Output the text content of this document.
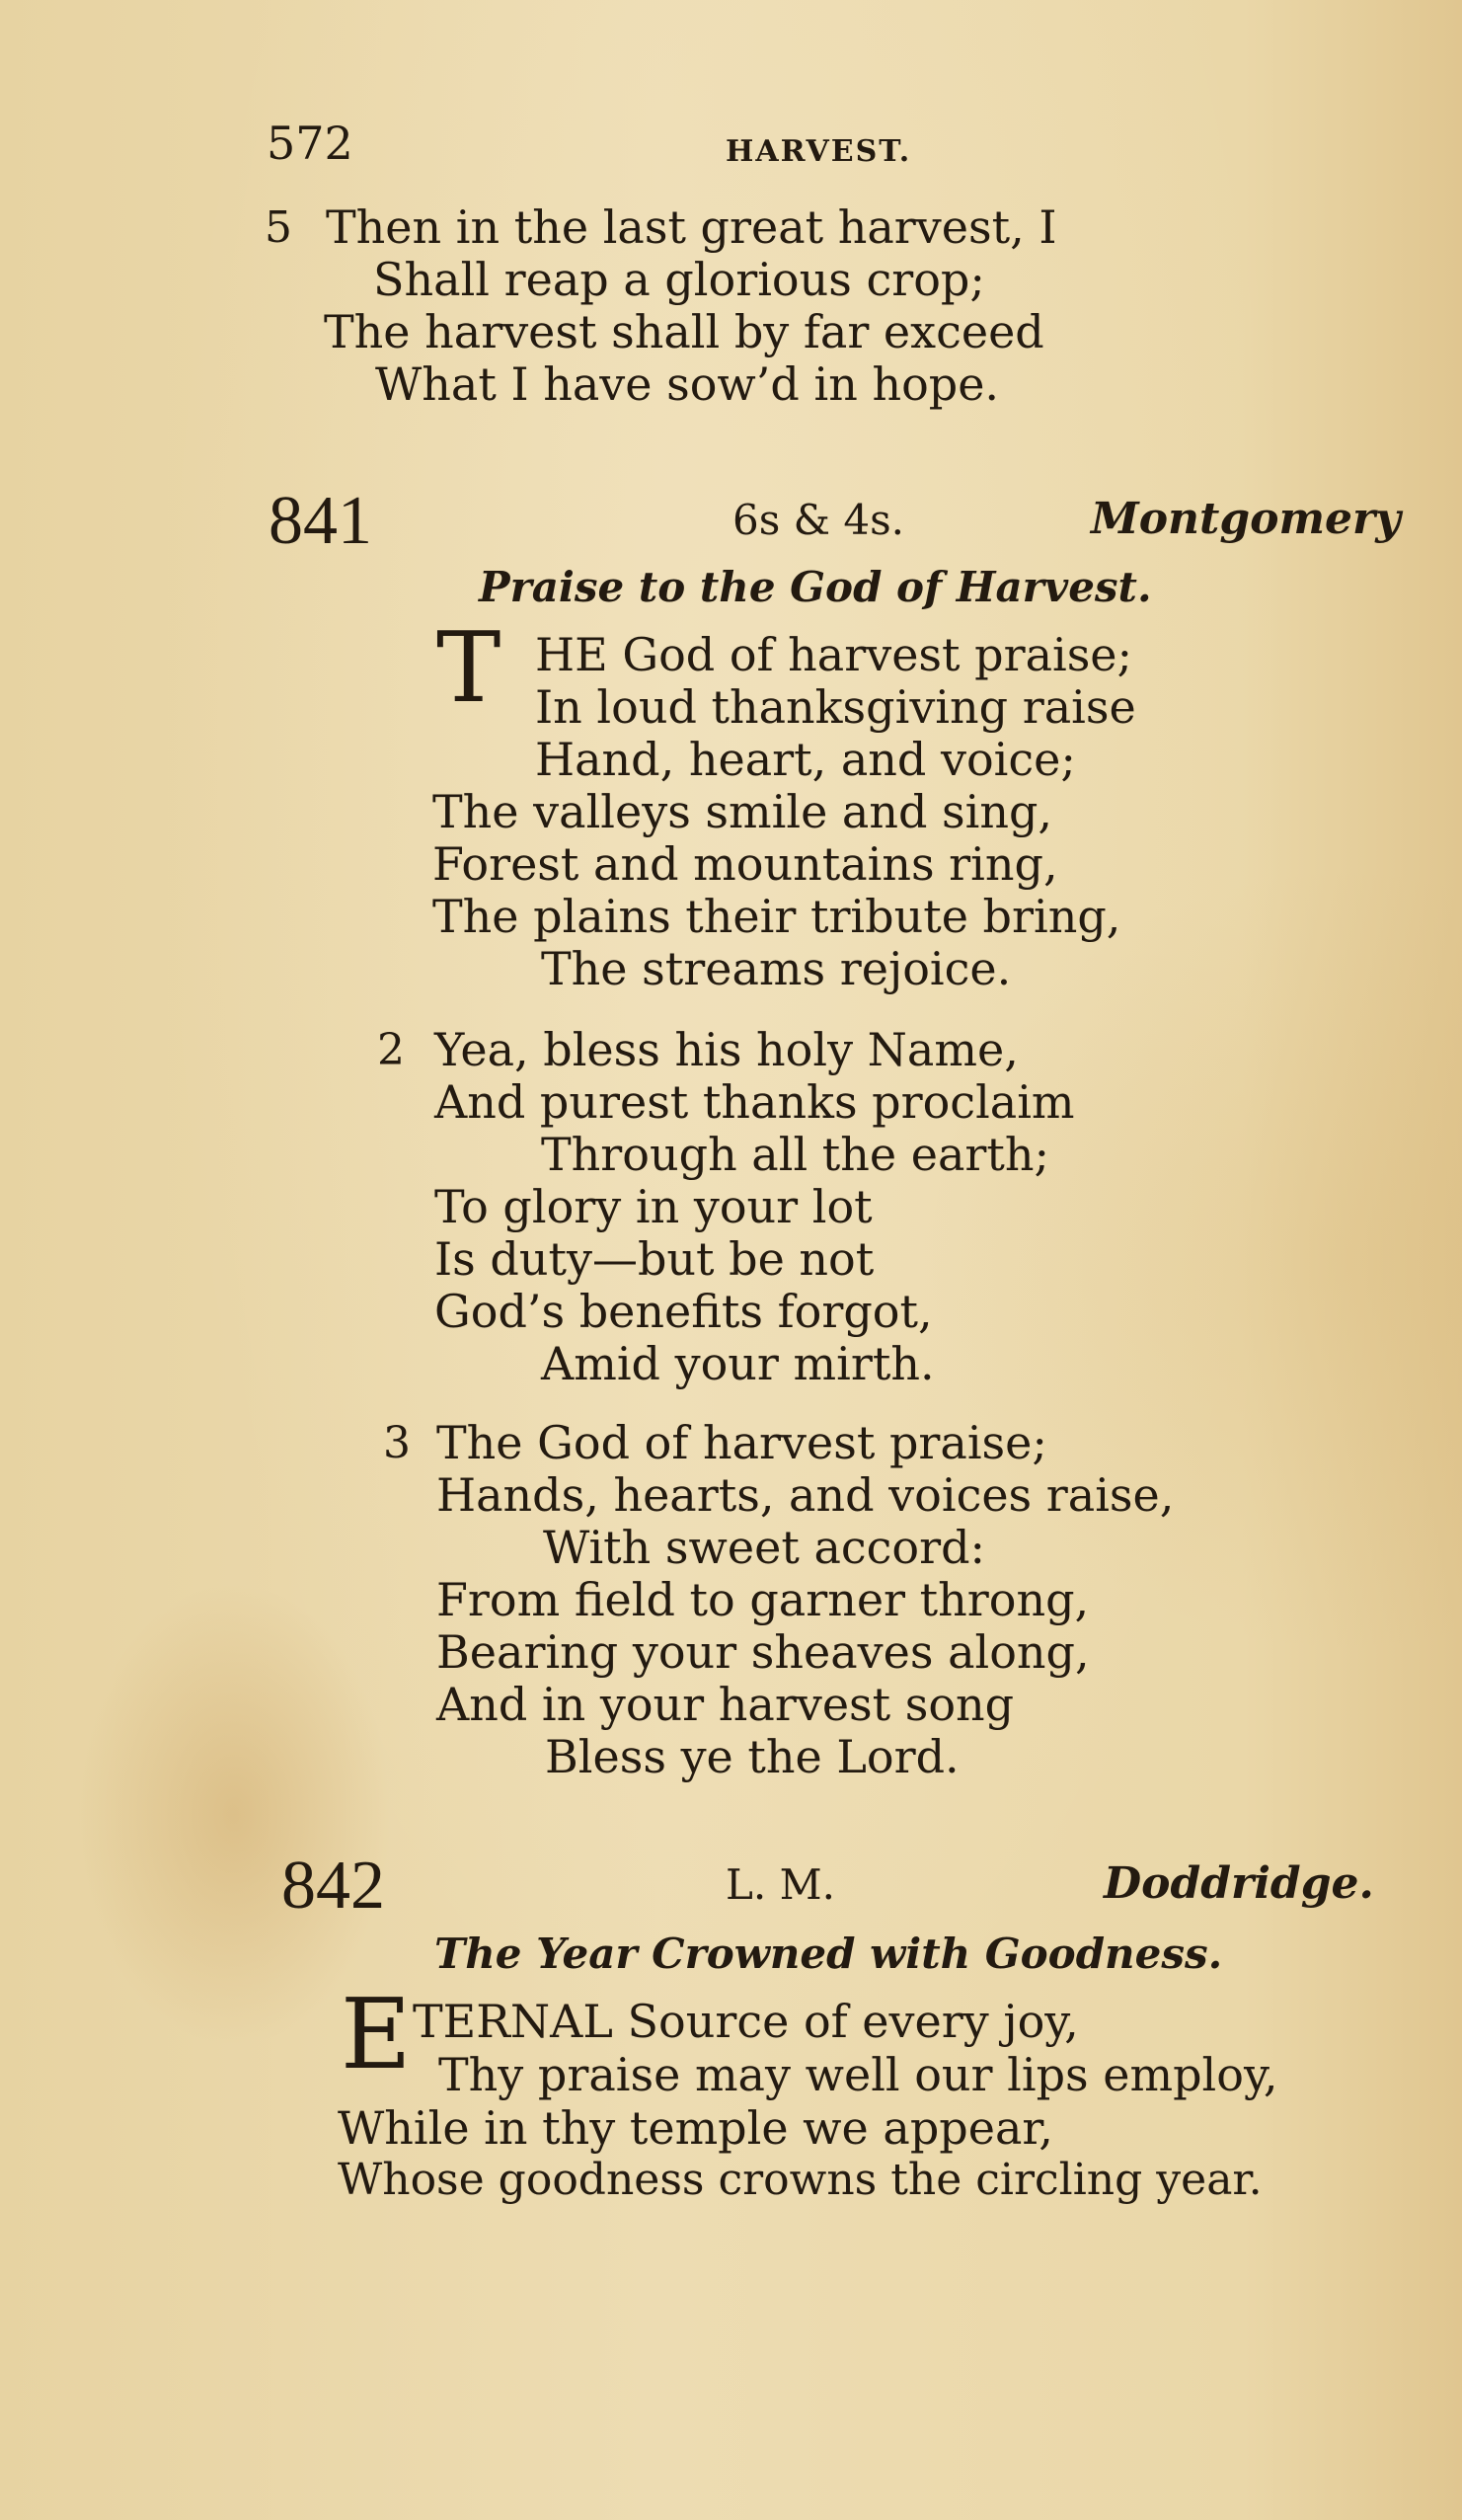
572	HARVEST.
5 Then in the last great harvest, I
Shall reap a glorious crop;
The harvest shall by far exceed
What I have sow’d in hope.
841	6s & 4s.	Montgomery
Praise to the God of Harvest.
T HE God of harvest praise;
In loud thanksgiving raise
Hand, heart, and voice;
The valleys smile and sing,
Forest and mountains ring,
The plains their tribute bring,
The streams rejoice.
2 Yea, bless his holy Name,
And purest thanks proclaim
Through all the earth;
To glory in your lot
Is duty—but be not
God’s benefits forgot,
Amid your mirth.
3 The God of harvest praise;
Hands, hearts, and voices raise,
With sweet accord:
From field to garner throng,
Bearing your sheaves along,
And in your harvest song
Bless ye the Lord.
842	L. M.	Doddridge.
The Year Crowned with Goodness.
E TERNAL Source of every joy,
Thy praise may well our lips employ,
While in thy temple we appear,
Whose goodness crowns the circling year.
